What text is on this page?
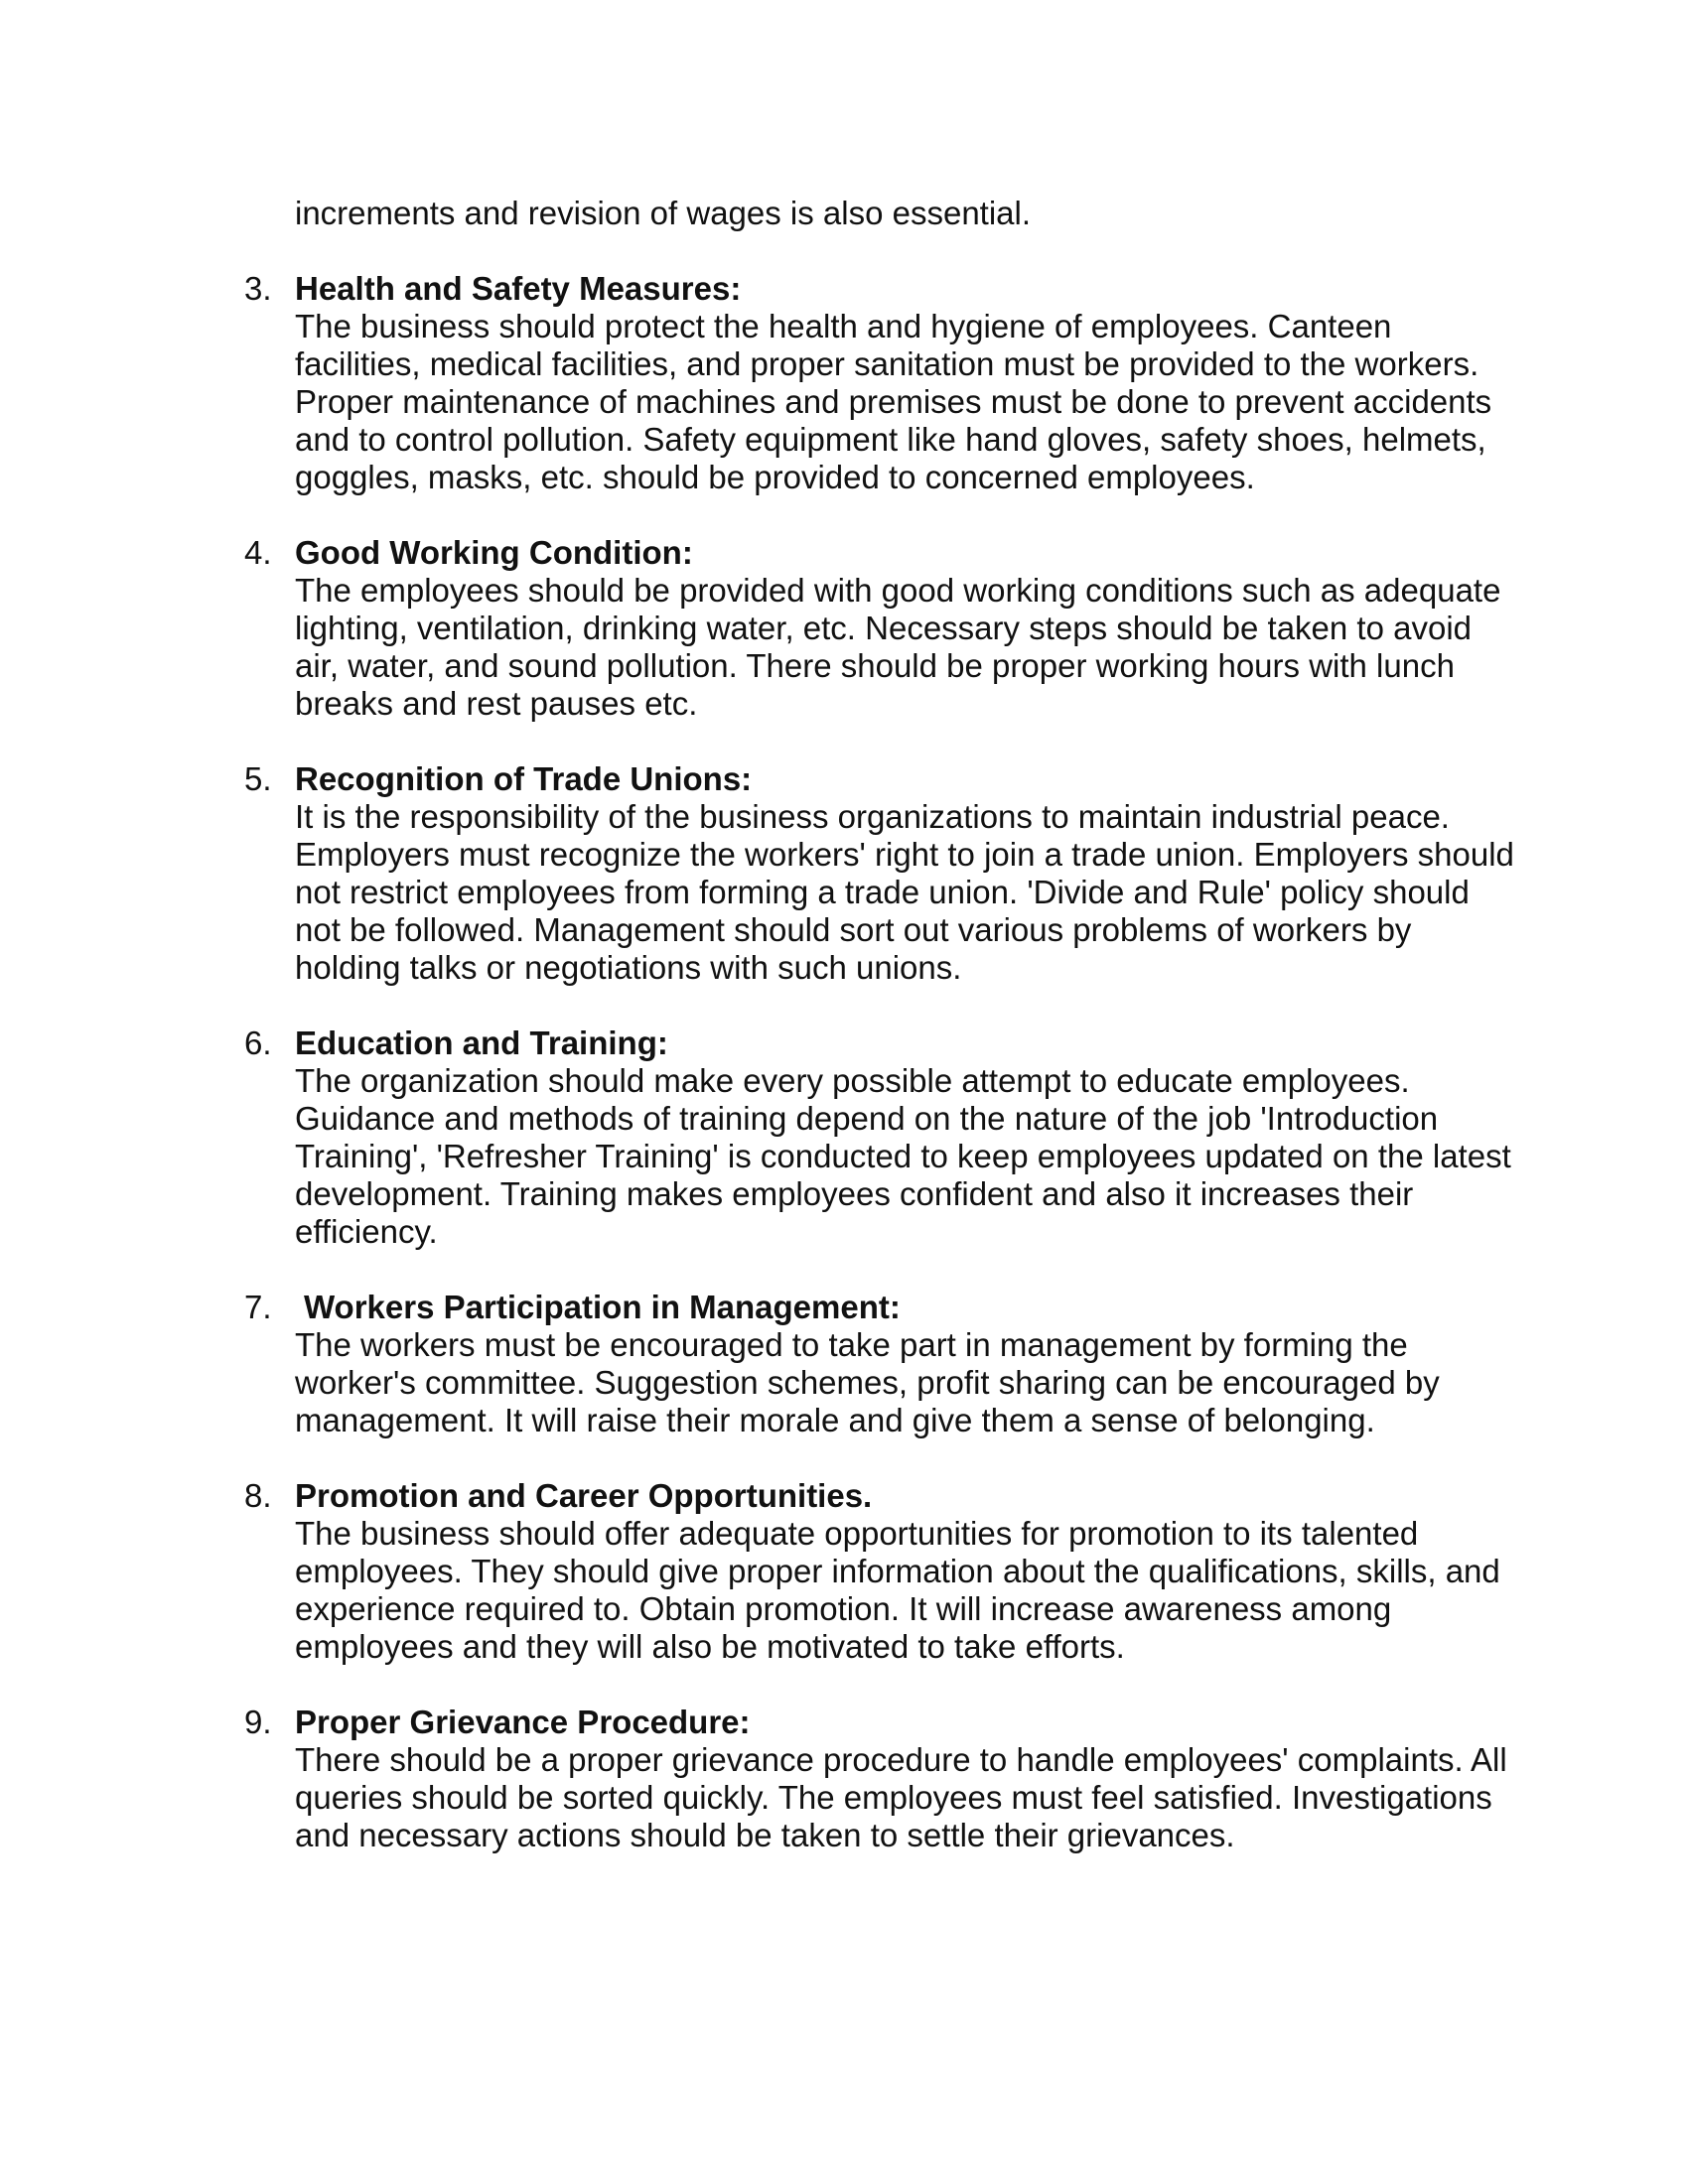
increments and revision of wages is also essential.
3. Health and Safety Measures:
The business should protect the health and hygiene of employees. Canteen facilities, medical facilities, and proper sanitation must be provided to the workers. Proper maintenance of machines and premises must be done to prevent accidents and to control pollution. Safety equipment like hand gloves, safety shoes, helmets, goggles, masks, etc. should be provided to concerned employees.
4. Good Working Condition:
The employees should be provided with good working conditions such as adequate lighting, ventilation, drinking water, etc. Necessary steps should be taken to avoid air, water, and sound pollution. There should be proper working hours with lunch breaks and rest pauses etc.
5. Recognition of Trade Unions:
It is the responsibility of the business organizations to maintain industrial peace. Employers must recognize the workers' right to join a trade union. Employers should not restrict employees from forming a trade union. 'Divide and Rule' policy should not be followed. Management should sort out various problems of workers by holding talks or negotiations with such unions.
6. Education and Training:
The organization should make every possible attempt to educate employees. Guidance and methods of training depend on the nature of the job 'Introduction Training', 'Refresher Training' is conducted to keep employees updated on the latest development. Training makes employees confident and also it increases their efficiency.
7. Workers Participation in Management:
The workers must be encouraged to take part in management by forming the worker's committee. Suggestion schemes, profit sharing can be encouraged by management. It will raise their morale and give them a sense of belonging.
8. Promotion and Career Opportunities.
The business should offer adequate opportunities for promotion to its talented employees. They should give proper information about the qualifications, skills, and experience required to. Obtain promotion. It will increase awareness among employees and they will also be motivated to take efforts.
9. Proper Grievance Procedure:
There should be a proper grievance procedure to handle employees' complaints. All queries should be sorted quickly. The employees must feel satisfied. Investigations and necessary actions should be taken to settle their grievances.
